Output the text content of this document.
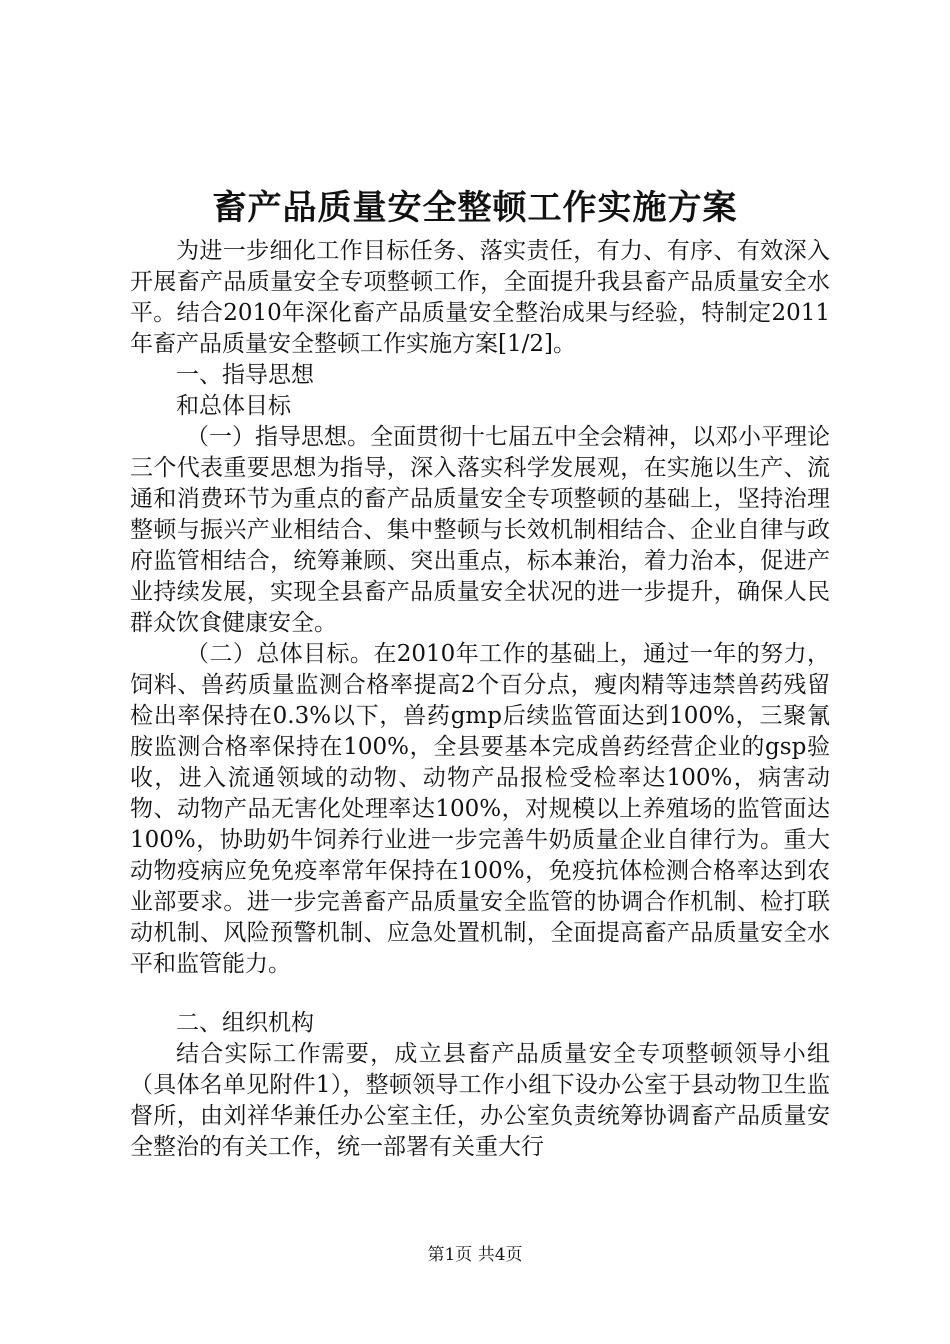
畜产品质量安全整顿工作实施方案

为进一步细化工作目标任务、落实责任，有力、有序、有效深入开展畜产品质量安全专项整顿工作，全面提升我县畜产品质量安全水平。结合2010年深化畜产品质量安全整治成果与经验，特制定2011年畜产品质量安全整顿工作实施方案[1/2]。

一、指导思想

和总体目标

（一）指导思想。全面贯彻十七届五中全会精神，以邓小平理论三个代表重要思想为指导，深入落实科学发展观，在实施以生产、流通和消费环节为重点的畜产品质量安全专项整顿的基础上，坚持治理整顿与振兴产业相结合、集中整顿与长效机制相结合、企业自律与政府监管相结合，统筹兼顾、突出重点，标本兼治，着力治本，促进产业持续发展，实现全县畜产品质量安全状况的进一步提升，确保人民群众饮食健康安全。

（二）总体目标。在2010年工作的基础上，通过一年的努力，饲料、兽药质量监测合格率提高2个百分点，瘦肉精等违禁兽药残留检出率保持在0.3%以下，兽药gmp后续监管面达到100%，三聚氰胺监测合格率保持在100%，全县要基本完成兽药经营企业的gsp验收，进入流通领域的动物、动物产品报检受检率达100%，病害动物、动物产品无害化处理率达100%，对规模以上养殖场的监管面达100%，协助奶牛饲养行业进一步完善牛奶质量企业自律行为。重大动物疫病应免免疫率常年保持在100%，免疫抗体检测合格率达到农业部要求。进一步完善畜产品质量安全监管的协调合作机制、检打联动机制、风险预警机制、应急处置机制，全面提高畜产品质量安全水平和监管能力。

二、组织机构

结合实际工作需要，成立县畜产品质量安全专项整顿领导小组（具体名单见附件1），整顿领导工作小组下设办公室于县动物卫生监督所，由刘祥华兼任办公室主任，办公室负责统筹协调畜产品质量安全整治的有关工作，统一部署有关重大行

第1页 共4页
